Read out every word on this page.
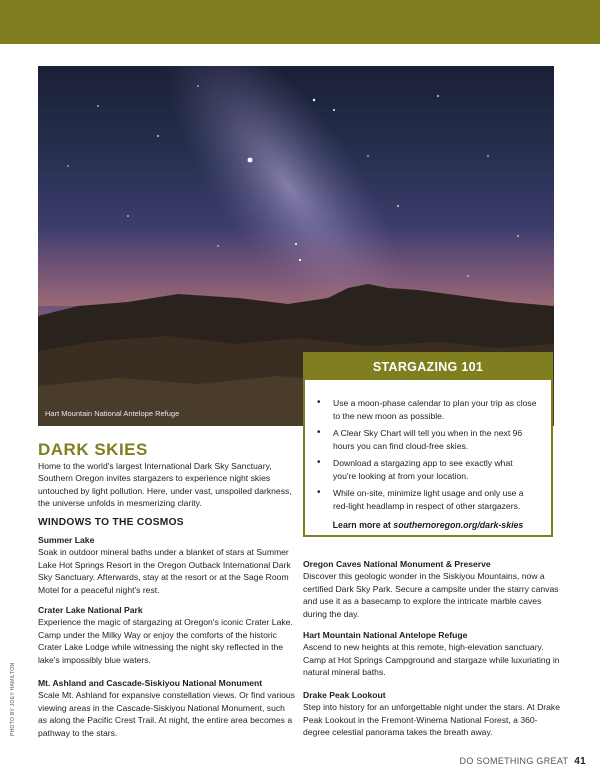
Hart Mountain National Antelope Refuge
STARGAZING 101
• Use a moon-phase calendar to plan your trip as close to the new moon as possible.
• A Clear Sky Chart will tell you when in the next 96 hours you can find cloud-free skies.
• Download a stargazing app to see exactly what you're looking at from your location.
• While on-site, minimize light usage and only use a red-light headlamp in respect of other stargazers.
Learn more at southernoregon.org/dark-skies
DARK SKIES
Home to the world's largest International Dark Sky Sanctuary, Southern Oregon invites stargazers to experience night skies untouched by light pollution. Here, under vast, unspoiled darkness, the universe unfolds in mesmerizing clarity.
WINDOWS TO THE COSMOS
Summer Lake

Soak in outdoor mineral baths under a blanket of stars at Summer Lake Hot Springs Resort in the Oregon Outback International Dark Sky Sanctuary. Afterwards, stay at the resort or at the Sage Room Motel for a peaceful night's rest.

Crater Lake National Park

Experience the magic of stargazing at Oregon's iconic Crater Lake. Camp under the Milky Way or enjoy the comforts of the historic Crater Lake Lodge while witnessing the night sky reflected in the lake's impossibly blue waters.

Mt. Ashland and Cascade-Siskiyou National Monument

Scale Mt. Ashland for expansive constellation views. Or find various viewing areas in the Cascade-Siskiyou National Monument, such as along the Pacific Crest Trail. At night, the entire area becomes a pathway to the stars.

Oregon Caves National Monument & Preserve

Discover this geologic wonder in the Siskiyou Mountains, now a certified Dark Sky Park. Secure a campsite under the starry canvas and use it as a basecamp to explore the intricate marble caves during the day.

Hart Mountain National Antelope Refuge

Ascend to new heights at this remote, high-elevation sanctuary. Camp at Hot Springs Campground and stargaze while luxuriating in natural mineral baths.

Drake Peak Lookout

Step into history for an unforgettable night under the stars. At Drake Peak Lookout in the Fremont-Winema National Forest, a 360-degree celestial panorama takes the breath away.

PHOTO BY JOEY HAMILTON
DO SOMETHING GREAT 41
